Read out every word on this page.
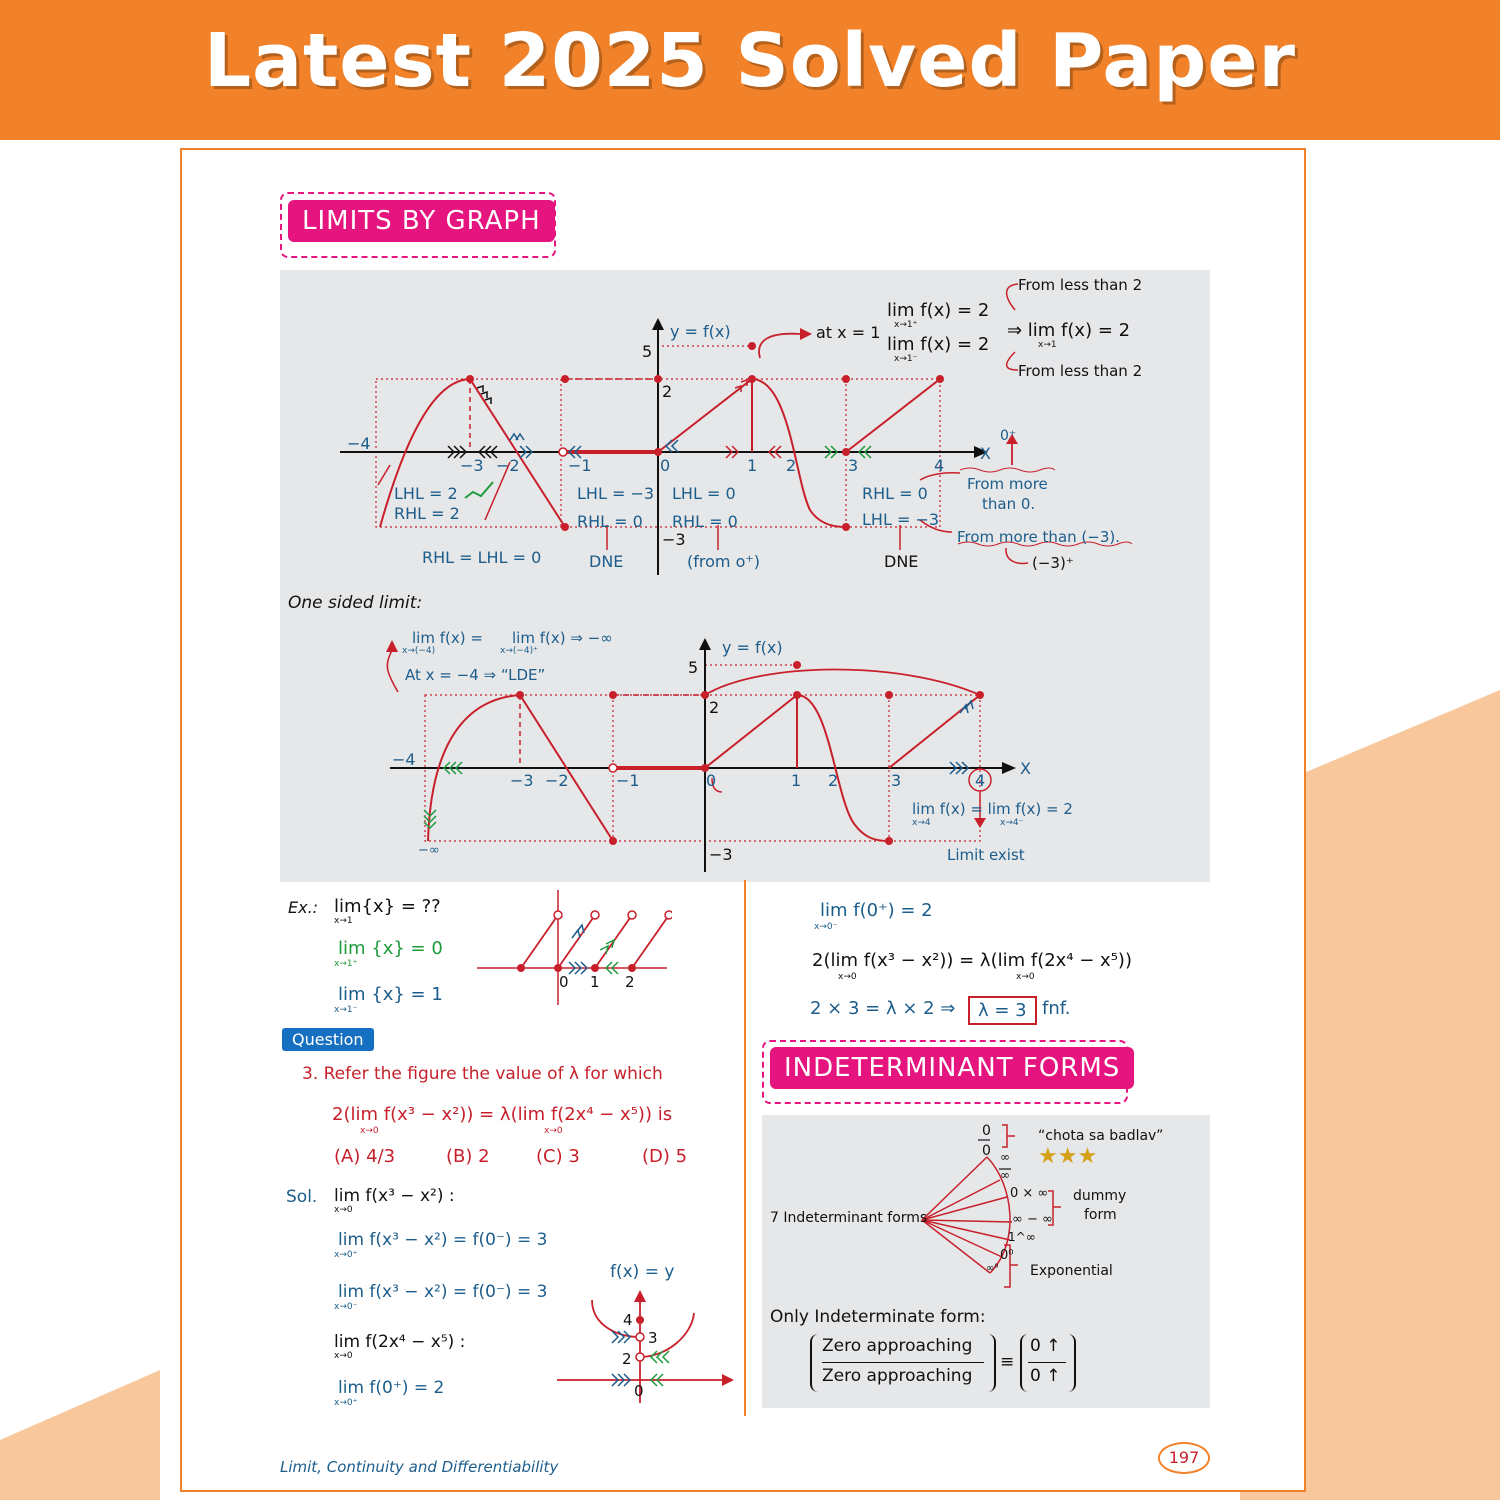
Latest 2025 Solved Paper
LIMITS BY GRAPH
y = f(x)
5
2
−3
−4
−3 −2	−1	0	1 2	3	4
X
at x = 1
lim f(x) = 2
x→1⁺
lim f(x) = 2
x→1⁻
⇒ lim f(x) = 2
x→1
From less than 2
From less than 2
0⁺
From more
than 0.
LHL = 2
RHL = 2
RHL = LHL = 0
LHL = −3
RHL = 0
DNE
LHL = 0
RHL = 0
(from o⁺)
RHL = 0
LHL = −3
DNE
From more than (−3).
(−3)⁺
One sided limit:
lim f(x) =
x→(−4)
lim f(x) ⇒ −∞
x→(−4)⁺
At x = −4 ⇒ “LDE”
y = f(x)
5
2
−3
−4
−∞
−3 −2	−1	0	1 2	3	4
X
lim f(x) = lim f(x) = 2
x→4	x→4⁻
Limit exist
Ex.: lim{x} = ??
x→1
lim {x} = 0
x→1⁺
lim {x} = 1
x→1⁻
0 1 2
Question
3. Refer the figure the value of λ for which
2(lim f(x³ − x²)) = λ(lim f(2x⁴ − x⁵)) is
x→0	x→0
(A) 4/3	(B) 2	(C) 3	(D) 5
Sol. lim f(x³ − x²) :
x→0
lim f(x³ − x²) = f(0⁻) = 3
x→0⁺
lim f(x³ − x²) = f(0⁻) = 3
x→0⁻
lim f(2x⁴ − x⁵) :
x→0
lim f(0⁺) = 2
x→0⁺
f(x) = y
4
3
2
0
lim f(0⁺) = 2
x→0⁻
2(lim f(x³ − x²)) = λ(lim f(2x⁴ − x⁵))
x→0	x→0
2 × 3 = λ × 2 ⇒	λ = 3 fnf.
INDETERMINANT FORMS
0
0 ∞
∞
“chota sa badlav”
★★★
0 × ∞
∞ − ∞
1^∞
0⁰
∞⁰
dummy
form
Exponential
7 Indeterminant forms
Only Indeterminate form:
Zero approaching
Zero approaching
≡
0 ↑
0 ↑
Limit, Continuity and Differentiability	197
